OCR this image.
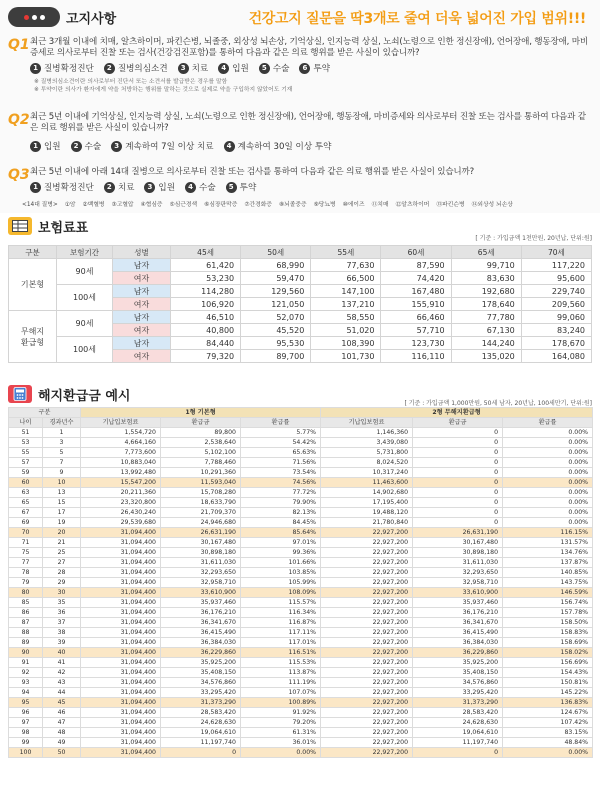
고지사항	건강고지 질문을 딱3개로 줄여 더욱 넓어진 가입 범위!!!
Q1 최근 3개월 이내에 치매, 알츠하이머, 파킨슨병, 뇌졸중, 외상성 뇌손상, 기억상실, 인지능력 상실, 노쇠(노령으로 인한 정신장애), 언어장애, 행동장애, 마비증세로 의사로부터 진찰 또는 검사(건강검진포함)를 통하여 다음과 같은 의료 행위를 받은 사실이 있습니까?
1 질병확정진단	2 질병의심소견	3 치료	4 입원	5 수술	6 투약
※ 질병의심소견이란 의사로부터 진단서 또는 소견서를 발급받은 경우를 말함
※ 투약이란 의사가 환자에게 약을 처방하는 행위를 말하는 것으로 실제로 약을 구입하지 않았어도 기재
Q2 최근 5년 이내에 기억상실, 인지능력 상실, 노쇠(노령으로 인한 정신장애), 언어장애, 행동장애, 마비증세와 의사로부터 진찰 또는 검사를 통하여 다음과 같은 의료 행위를 받은 사실이 있습니까?
1 입원	2 수술	3 계속하여 7일 이상 치료	4 계속하여 30일 이상 투약
Q3 최근 5년 이내에 아래 14대 질병으로 의사로부터 진찰 또는 검사를 통하여 다음과 같은 의료 행위를 받은 사실이 있습니까?
1 질병확정진단	2 치료	3 입원	4 수술	5 투약
<14대 질병> ①암 ②백혈병 ③고혈압 ④협심증 ⑤심근경색 ⑥심장판막증 ⑦간경화증 ⑧뇌졸중증 ⑨당뇨병 ⑩에이즈 ⑪치매 ⑫알츠하이머 ⑬파킨슨병 ⑭외상성 뇌손상
보험료표
[ 기준 : 가입금액 1천만원, 20년납, 단위:원]
구분	보험기간	성별	45세	50세	55세	60세	65세	70세
기본형	90세	남자	61,420	68,990	77,630	87,590	99,710	117,220
		여자	53,230	59,470	66,500	74,420	83,630	95,600
	100세	남자	114,280	129,560	147,100	167,480	192,680	229,740
		여자	106,920	121,050	137,210	155,910	178,640	209,560
무해지
환급형	90세	남자	46,510	52,070	58,550	66,460	77,780	99,060
		여자	40,800	45,520	51,020	57,710	67,130	83,240
	100세	남자	84,440	95,530	108,390	123,730	144,240	178,670
		여자	79,320	89,700	101,730	116,110	135,020	164,080
해지환급금 예시	[ 기준 : 가입금액 1,000만원, 50세 남자, 20년납, 100세만기, 단위:원]
구분		1형 기본형			2형 무해지환급형		
나이	경과년수	기납입보험료	환급금	환급률	기납입보험료	환급금	환급률
51	1	1,554,720	89,800	5.77%	1,146,360	0	0.00%
53	3	4,664,160	2,538,640	54.42%	3,439,080	0	0.00%
55	5	7,773,600	5,102,100	65.63%	5,731,800	0	0.00%
57	7	10,883,040	7,788,460	71.56%	8,024,520	0	0.00%
59	9	13,992,480	10,291,360	73.54%	10,317,240	0	0.00%
60	10	15,547,200	11,593,040	74.56%	11,463,600	0	0.00%
63	13	20,211,360	15,708,280	77.72%	14,902,680	0	0.00%
65	15	23,320,800	18,633,790	79.90%	17,195,400	0	0.00%
67	17	26,430,240	21,709,370	82.13%	19,488,120	0	0.00%
69	19	29,539,680	24,946,680	84.45%	21,780,840	0	0.00%
70	20	31,094,400	26,631,190	85.64%	22,927,200	26,631,190	116.15%
71	21	31,094,400	30,167,480	97.01%	22,927,200	30,167,480	131.57%
75	25	31,094,400	30,898,180	99.36%	22,927,200	30,898,180	134.76%
77	27	31,094,400	31,611,030	101.66%	22,927,200	31,611,030	137.87%
78	28	31,094,400	32,293,650	103.85%	22,927,200	32,293,650	140.85%
79	29	31,094,400	32,958,710	105.99%	22,927,200	32,958,710	143.75%
80	30	31,094,400	33,610,900	108.09%	22,927,200	33,610,900	146.59%
85	35	31,094,400	35,937,460	115.57%	22,927,200	35,937,460	156.74%
86	36	31,094,400	36,176,210	116.34%	22,927,200	36,176,210	157.78%
87	37	31,094,400	36,341,670	116.87%	22,927,200	36,341,670	158.50%
88	38	31,094,400	36,415,490	117.11%	22,927,200	36,415,490	158.83%
89	39	31,094,400	36,384,030	117.01%	22,927,200	36,384,030	158.69%
90	40	31,094,400	36,229,860	116.51%	22,927,200	36,229,860	158.02%
91	41	31,094,400	35,925,200	115.53%	22,927,200	35,925,200	156.69%
92	42	31,094,400	35,408,150	113.87%	22,927,200	35,408,150	154.43%
93	43	31,094,400	34,576,860	111.19%	22,927,200	34,576,860	150.81%
94	44	31,094,400	33,295,420	107.07%	22,927,200	33,295,420	145.22%
95	45	31,094,400	31,373,290	100.89%	22,927,200	31,373,290	136.83%
96	46	31,094,400	28,583,420	91.92%	22,927,200	28,583,420	124.67%
97	47	31,094,400	24,628,630	79.20%	22,927,200	24,628,630	107.42%
98	48	31,094,400	19,064,610	61.31%	22,927,200	19,064,610	83.15%
99	49	31,094,400	11,197,740	36.01%	22,927,200	11,197,740	48.84%
100	50	31,094,400	0	0.00%	22,927,200	0	0.00%
